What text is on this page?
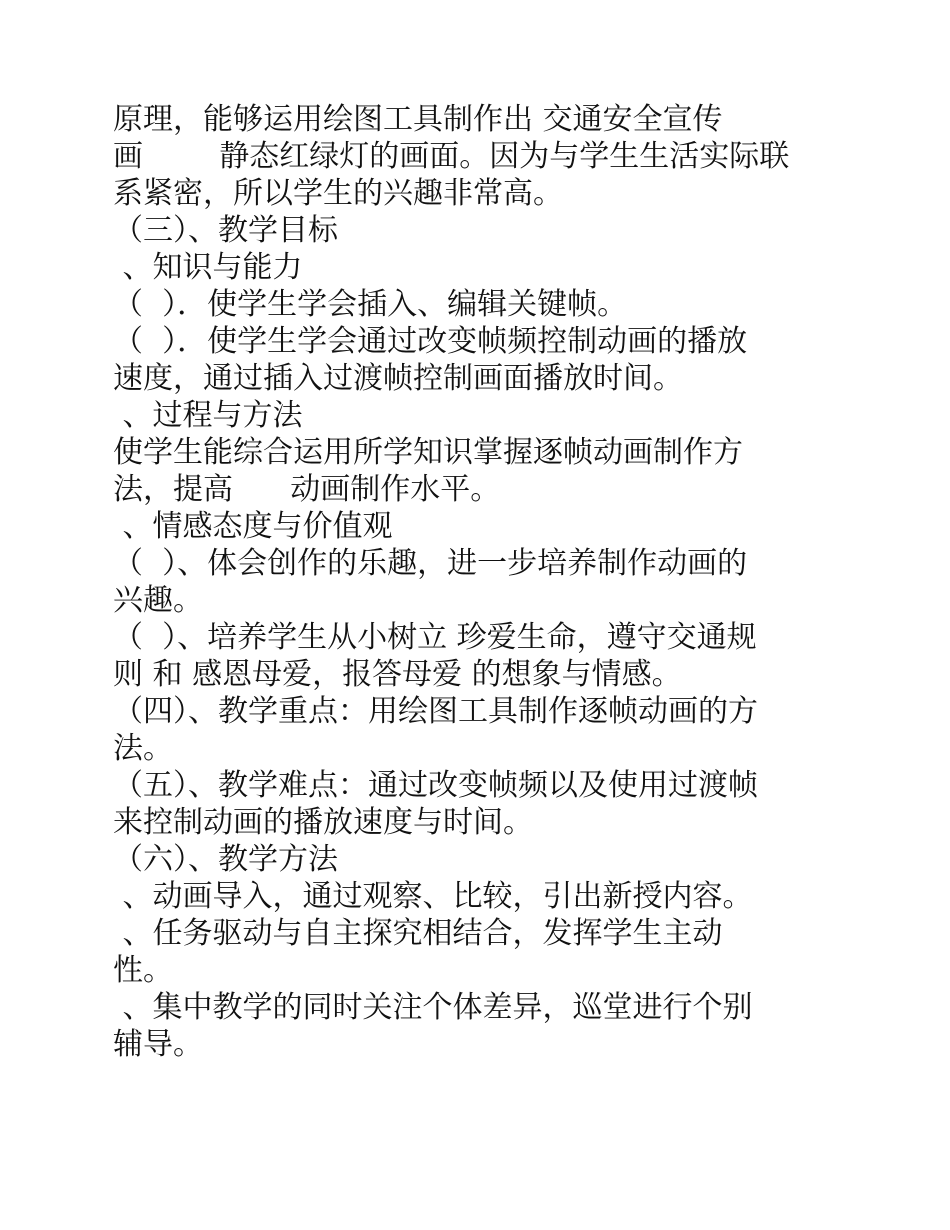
原理，能够运用绘图工具制作出 交通安全宣传
画        静态红绿灯的画面。因为与学生生活实际联
系紧密，所以学生的兴趣非常高。
（三）、教学目标
、知识与能力
（  ）．使学生学会插入、编辑关键帧。
（  ）．使学生学会通过改变帧频控制动画的播放
速度，通过插入过渡帧控制画面播放时间。
、过程与方法
使学生能综合运用所学知识掌握逐帧动画制作方
法，提高      动画制作水平。
、情感态度与价值观
（  ）、体会创作的乐趣，进一步培养制作动画的
兴趣。
（  ）、培养学生从小树立 珍爱生命，遵守交通规
则 和 感恩母爱，报答母爱 的想象与情感。
（四）、教学重点：用绘图工具制作逐帧动画的方
法。
（五）、教学难点：通过改变帧频以及使用过渡帧
来控制动画的播放速度与时间。
（六）、教学方法
、动画导入，通过观察、比较，引出新授内容。
、任务驱动与自主探究相结合，发挥学生主动
性。
、集中教学的同时关注个体差异，巡堂进行个别
辅导。
